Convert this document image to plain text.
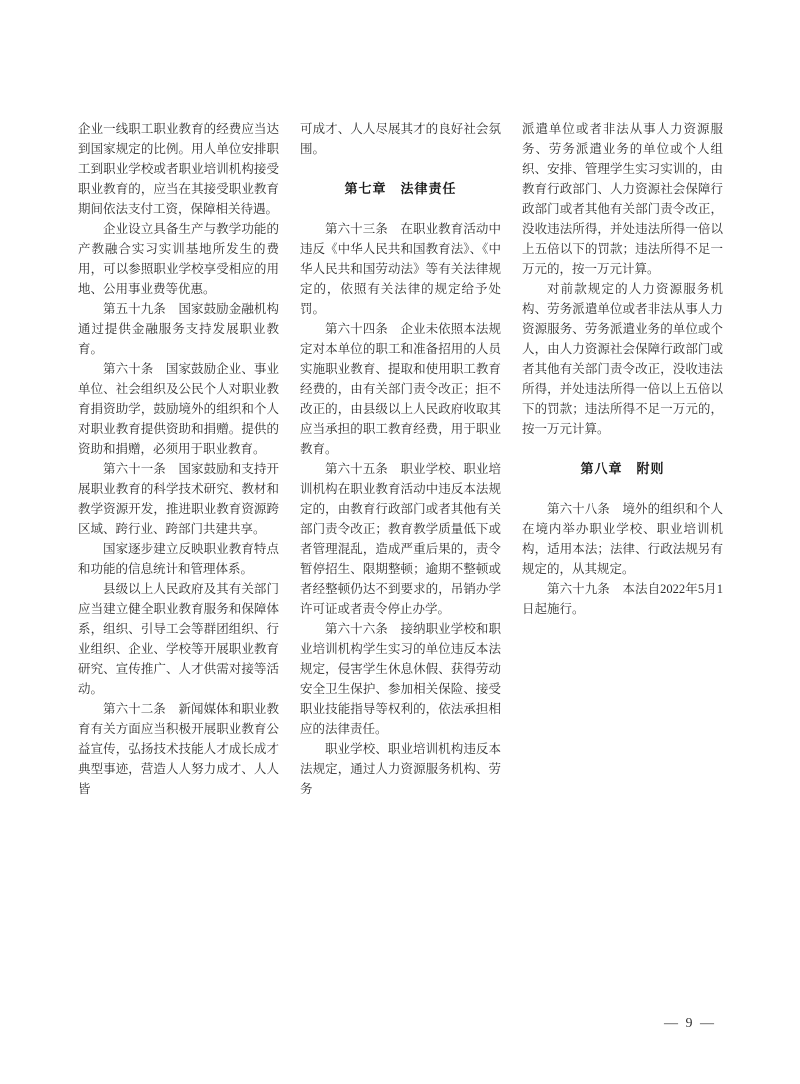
企业一线职工职业教育的经费应当达到国家规定的比例。用人单位安排职工到职业学校或者职业培训机构接受职业教育的，应当在其接受职业教育期间依法支付工资，保障相关待遇。

企业设立具备生产与教学功能的产教融合实习实训基地所发生的费用，可以参照职业学校享受相应的用地、公用事业费等优惠。

第五十九条　国家鼓励金融机构通过提供金融服务支持发展职业教育。

第六十条　国家鼓励企业、事业单位、社会组织及公民个人对职业教育捐资助学，鼓励境外的组织和个人对职业教育提供资助和捐赠。提供的资助和捐赠，必须用于职业教育。

第六十一条　国家鼓励和支持开展职业教育的科学技术研究、教材和教学资源开发，推进职业教育资源跨区域、跨行业、跨部门共建共享。

国家逐步建立反映职业教育特点和功能的信息统计和管理体系。

县级以上人民政府及其有关部门应当建立健全职业教育服务和保障体系，组织、引导工会等群团组织、行业组织、企业、学校等开展职业教育研究、宣传推广、人才供需对接等活动。

第六十二条　新闻媒体和职业教育有关方面应当积极开展职业教育公益宣传，弘扬技术技能人才成长成才典型事迹，营造人人努力成才、人人皆

可成才、人人尽展其才的良好社会氛围。

第七章　法律责任

第六十三条　在职业教育活动中违反《中华人民共和国教育法》、《中华人民共和国劳动法》等有关法律规定的，依照有关法律的规定给予处罚。

第六十四条　企业未依照本法规定对本单位的职工和准备招用的人员实施职业教育、提取和使用职工教育经费的，由有关部门责令改正；拒不改正的，由县级以上人民政府收取其应当承担的职工教育经费，用于职业教育。

第六十五条　职业学校、职业培训机构在职业教育活动中违反本法规定的，由教育行政部门或者其他有关部门责令改正；教育教学质量低下或者管理混乱，造成严重后果的，责令暂停招生、限期整顿；逾期不整顿或者经整顿仍达不到要求的，吊销办学许可证或者责令停止办学。

第六十六条　接纳职业学校和职业培训机构学生实习的单位违反本法规定，侵害学生休息休假、获得劳动安全卫生保护、参加相关保险、接受职业技能指导等权利的，依法承担相应的法律责任。

职业学校、职业培训机构违反本法规定，通过人力资源服务机构、劳务

派遣单位或者非法从事人力资源服务、劳务派遣业务的单位或个人组织、安排、管理学生实习实训的，由教育行政部门、人力资源社会保障行政部门或者其他有关部门责令改正，没收违法所得，并处违法所得一倍以上五倍以下的罚款；违法所得不足一万元的，按一万元计算。

对前款规定的人力资源服务机构、劳务派遣单位或者非法从事人力资源服务、劳务派遣业务的单位或个人，由人力资源社会保障行政部门或者其他有关部门责令改正，没收违法所得，并处违法所得一倍以上五倍以下的罚款；违法所得不足一万元的，按一万元计算。

第八章　附则

第六十八条　境外的组织和个人在境内举办职业学校、职业培训机构，适用本法；法律、行政法规另有规定的，从其规定。

第六十九条　本法自2022年5月1日起施行。

— 9 —
